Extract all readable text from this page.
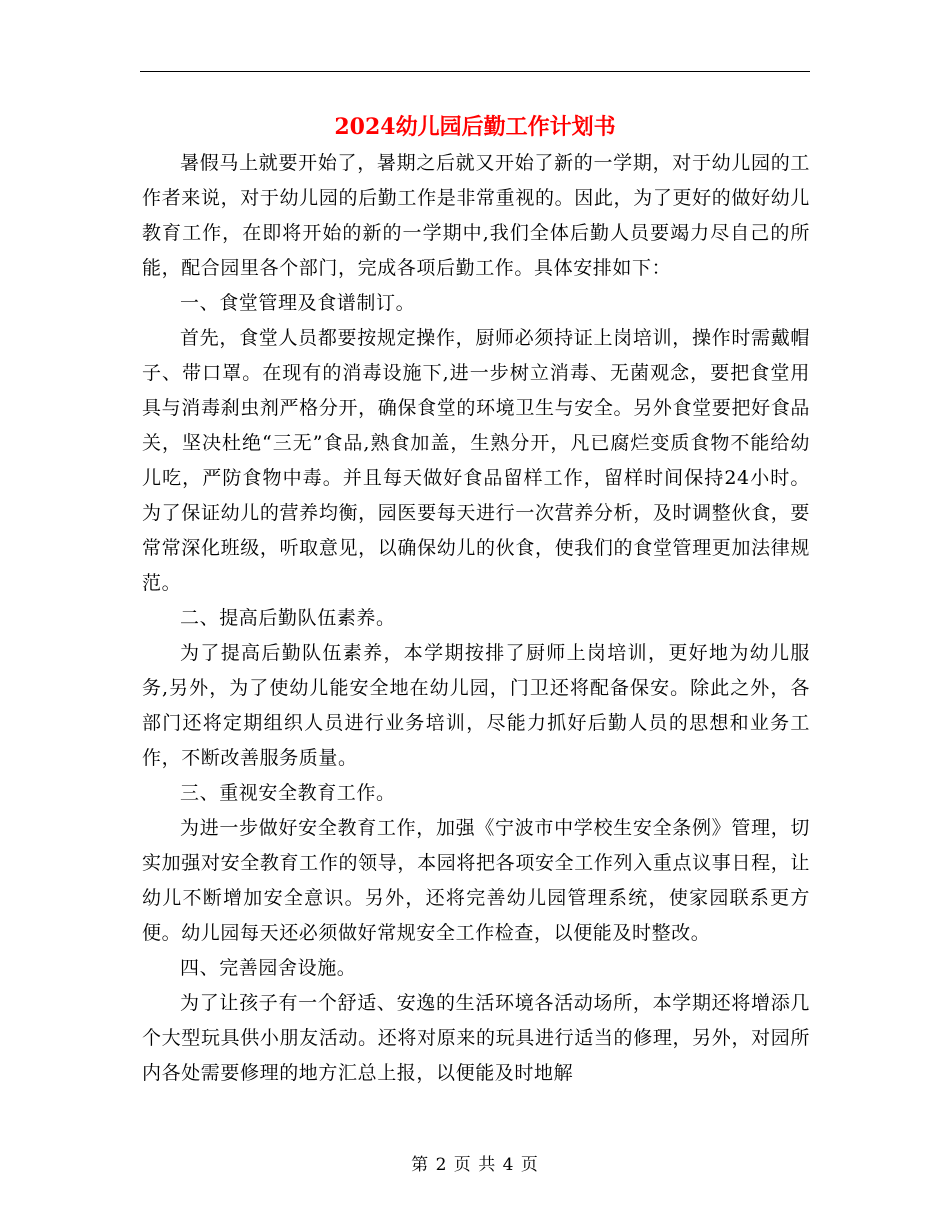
2024幼儿园后勤工作计划书

暑假马上就要开始了，暑期之后就又开始了新的一学期，对于幼儿园的工作者来说，对于幼儿园的后勤工作是非常重视的。因此，为了更好的做好幼儿教育工作，在即将开始的新的一学期中,我们全体后勤人员要竭力尽自己的所能，配合园里各个部门，完成各项后勤工作。具体安排如下：

一、食堂管理及食谱制订。

首先，食堂人员都要按规定操作，厨师必须持证上岗培训，操作时需戴帽子、带口罩。在现有的消毒设施下,进一步树立消毒、无菌观念，要把食堂用具与消毒刹虫剂严格分开，确保食堂的环境卫生与安全。另外食堂要把好食品关，坚决杜绝“三无”食品,熟食加盖，生熟分开，凡已腐烂变质食物不能给幼儿吃，严防食物中毒。并且每天做好食品留样工作，留样时间保持24小时。为了保证幼儿的营养均衡，园医要每天进行一次营养分析，及时调整伙食，要常常深化班级，听取意见，以确保幼儿的伙食，使我们的食堂管理更加法律规范。

二、提高后勤队伍素养。

为了提高后勤队伍素养，本学期按排了厨师上岗培训，更好地为幼儿服务,另外，为了使幼儿能安全地在幼儿园，门卫还将配备保安。除此之外，各部门还将定期组织人员进行业务培训，尽能力抓好后勤人员的思想和业务工作，不断改善服务质量。

三、重视安全教育工作。

为进一步做好安全教育工作，加强《宁波市中学校生安全条例》管理，切实加强对安全教育工作的领导，本园将把各项安全工作列入重点议事日程，让幼儿不断增加安全意识。另外，还将完善幼儿园管理系统，使家园联系更方便。幼儿园每天还必须做好常规安全工作检查，以便能及时整改。

四、完善园舍设施。

为了让孩子有一个舒适、安逸的生活环境各活动场所，本学期还将增添几个大型玩具供小朋友活动。还将对原来的玩具进行适当的修理，另外，对园所内各处需要修理的地方汇总上报，以便能及时地解

第 2 页 共 4 页
